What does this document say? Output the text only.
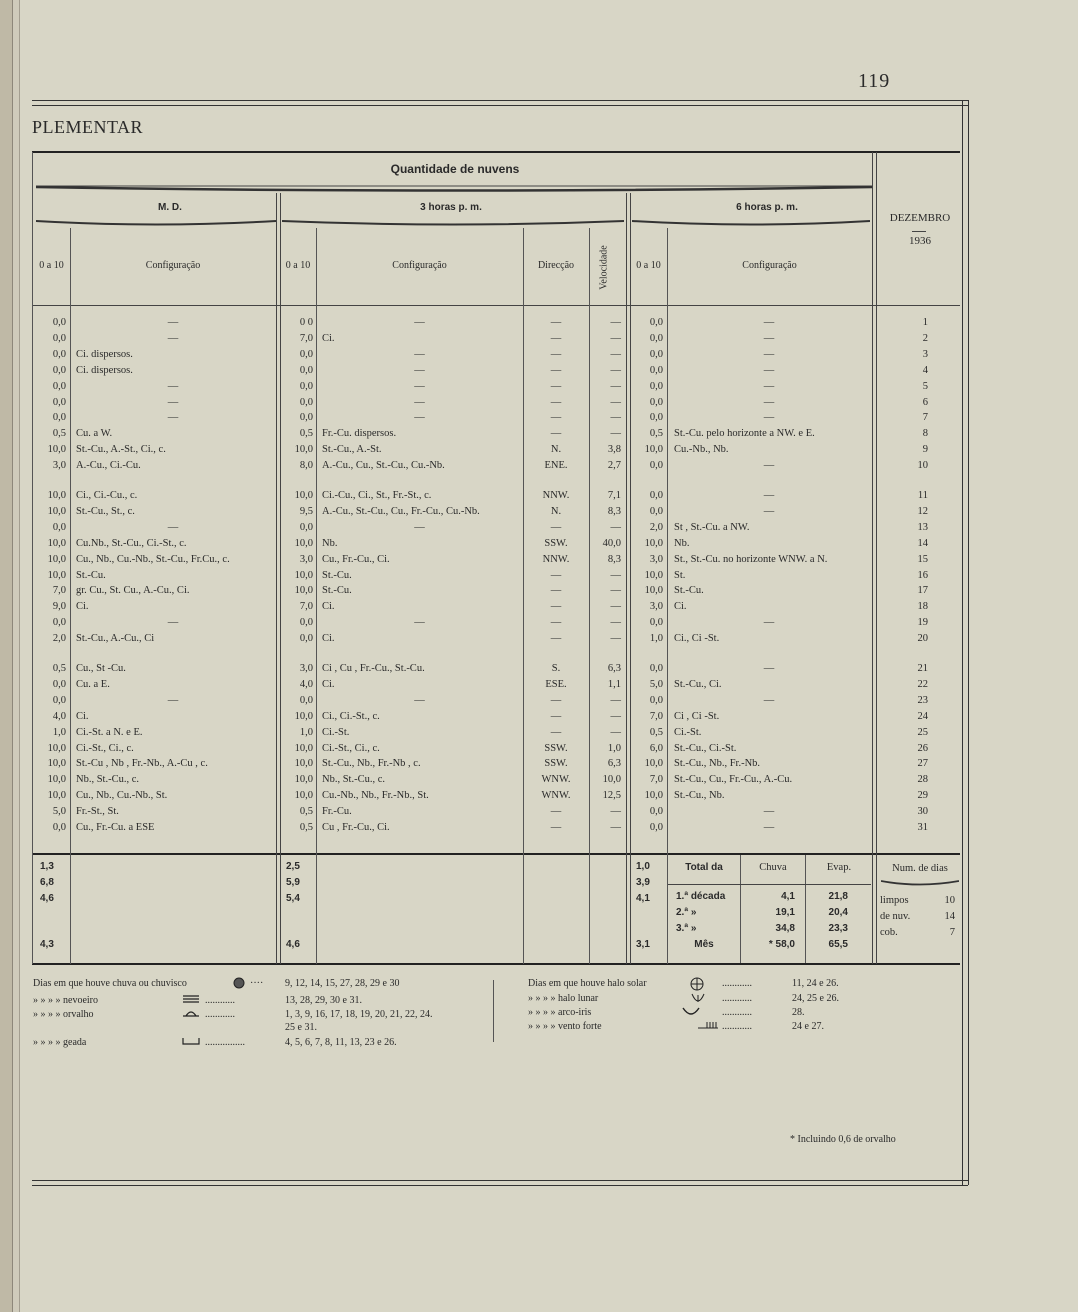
119
PLEMENTAR
Quantidade de nuvens
M. D.	3 horas p. m.	6 horas p. m.
0 a 10	Configuração	0 a 10	Configuração	Direcção	Velocidade	0 a 10	Configuração
DEZEMBRO
1936
0,0	—	0 0	—	—	—	0,0	—	1
0,0	—	7,0 Ci.	—	—	0,0	—	2
0,0 Ci. dispersos.	0,0	—	—	—	0,0	—	3
0,0 Ci. dispersos.	0,0	—	—	—	0,0	—	4
0,0	—	0,0	—	—	—	0,0	—	5
0,0	—	0,0	—	—	—	0,0	—	6
0,0	—	0,0	—	—	—	0,0	—	7
0,5 Cu. a W.	0,5 Fr.-Cu. dispersos.	—	—	0,5 St.-Cu. pelo horizonte a NW. e E.	8
10,0 St.-Cu., A.-St., Ci., c.	10,0 St.-Cu., A.-St.	N.	3,8	10,0 Cu.-Nb., Nb.	9
3,0 A.-Cu., Ci.-Cu.	8,0 A.-Cu., Cu., St.-Cu., Cu.-Nb.	ENE.	2,7	0,0	—	10
10,0 Ci., Ci.-Cu., c.	10,0 Ci.-Cu., Ci., St., Fr.-St., c.	NNW.	7,1	0,0	—	11
10,0 St.-Cu., St., c.	9,5 A.-Cu., St.-Cu., Cu., Fr.-Cu., Cu.-Nb.	N.	8,3	0,0	—	12
0,0	—	0,0	—	—	—	2,0 St , St.-Cu. a NW.	13
10,0 Cu.Nb., St.-Cu., Ci.-St., c.	10,0 Nb.	SSW.	40,0	10,0 Nb.	14
10,0 Cu., Nb., Cu.-Nb., St.-Cu., Fr.Cu., c.	3,0 Cu., Fr.-Cu., Ci.	NNW.	8,3	3,0 St., St.-Cu. no horizonte WNW. a N.	15
10,0 St.-Cu.	10,0 St.-Cu.	—	—	10,0 St.	16
7,0 gr. Cu., St. Cu., A.-Cu., Ci.	10,0 St.-Cu.	—	—	10,0 St.-Cu.	17
9,0 Ci.	7,0 Ci.	—	—	3,0 Ci.	18
0,0	—	0,0	—	—	—	0,0	—	19
2,0 St.-Cu., A.-Cu., Ci	0,0 Ci.	—	—	1,0 Ci., Ci -St.	20
0,5 Cu., St -Cu.	3,0 Ci , Cu , Fr.-Cu., St.-Cu.	S.	6,3	0,0	—	21
0,0 Cu. a E.	4,0 Ci.	ESE.	1,1	5,0 St.-Cu., Ci.	22
0,0	—	0,0	—	—	—	0,0	—	23
4,0 Ci.	10,0 Ci., Ci.-St., c.	—	—	7,0 Ci , Ci -St.	24
1,0 Ci.-St. a N. e E.	1,0 Ci.-St.	—	—	0,5 Ci.-St.	25
10,0 Ci.-St., Ci., c.	10,0 Ci.-St., Ci., c.	SSW.	1,0	6,0 St.-Cu., Ci.-St.	26
10,0 St.-Cu , Nb , Fr.-Nb., A.-Cu , c.	10,0 St.-Cu., Nb., Fr.-Nb , c.	SSW.	6,3	10,0 St.-Cu., Nb., Fr.-Nb.	27
10,0 Nb., St.-Cu., c.	10,0 Nb., St.-Cu., c.	WNW.	10,0	7,0 St.-Cu., Cu., Fr.-Cu., A.-Cu.	28
10,0 Cu., Nb., Cu.-Nb., St.	10,0 Cu.-Nb., Nb., Fr.-Nb., St.	WNW.	12,5	10,0 St.-Cu., Nb.	29
5,0 Fr.-St., St.	0,5 Fr.-Cu.	—	—	0,0	—	30
0,0 Cu., Fr.-Cu. a ESE	0,5 Cu , Fr.-Cu., Ci.	—	—	0,0	—	31
1,3	2,5	1,0
6,8	5,9	3,9
4,6	5,4	4,1
4,3	4,6	3,1
Total da	Chuva	Evap.
1.ª década	4,1	21,8
2.ª »	19,1	20,4
3.ª »	34,8	23,3
Mês	* 58,0	65,5
Num. de dias
limpos	10
de nuv.	14
cob.	7
Dias em que houve chuva ou chuvisco	···· 9, 12, 14, 15, 27, 28, 29 e 30
» » » » nevoeiro	............	13, 28, 29, 30 e 31.
» » » » orvalho	............	1, 3, 9, 16, 17, 18, 19, 20, 21, 22, 24.
25 e 31.
» » » » geada	................	4, 5, 6, 7, 8, 11, 13, 23 e 26.
Dias em que houve halo solar	............	11, 24 e 26.
» » » » halo lunar	............	24, 25 e 26.
» » » » arco-iris	............	28.
» » » » vento forte	............	24 e 27.
* Incluindo 0,6 de orvalho
